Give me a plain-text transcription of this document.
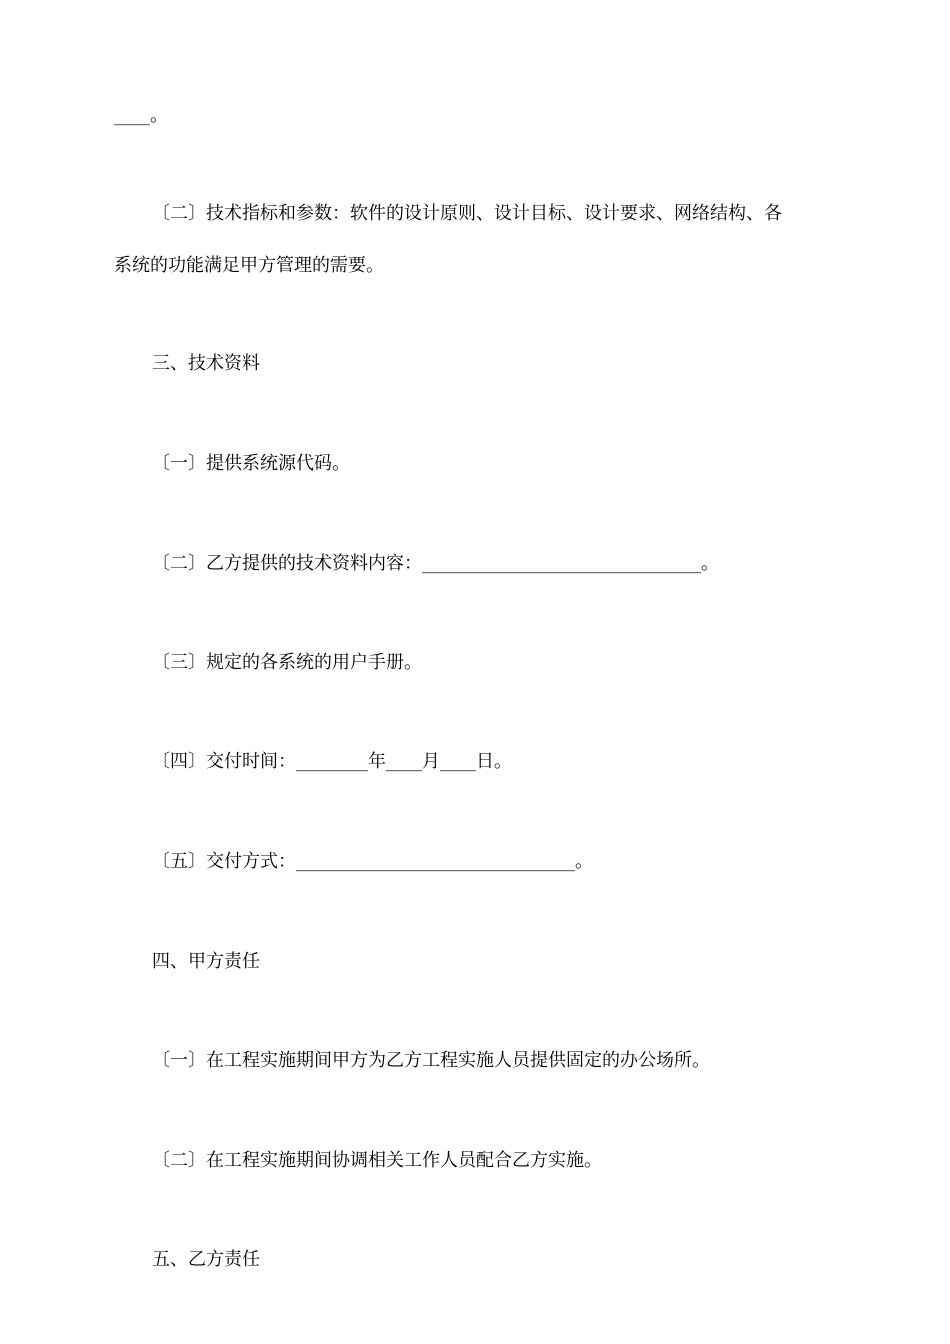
____。
〔二〕技术指标和参数：软件的设计原则、设计目标、设计要求、网络结构、各
系统的功能满足甲方管理的需要。
三、技术资料
〔一〕提供系统源代码。
〔二〕乙方提供的技术资料内容：_______________________________。
〔三〕规定的各系统的用户手册。
〔四〕交付时间：________年____月____日。
〔五〕交付方式：_______________________________。
四、甲方责任
〔一〕在工程实施期间甲方为乙方工程实施人员提供固定的办公场所。
〔二〕在工程实施期间协调相关工作人员配合乙方实施。
五、乙方责任
